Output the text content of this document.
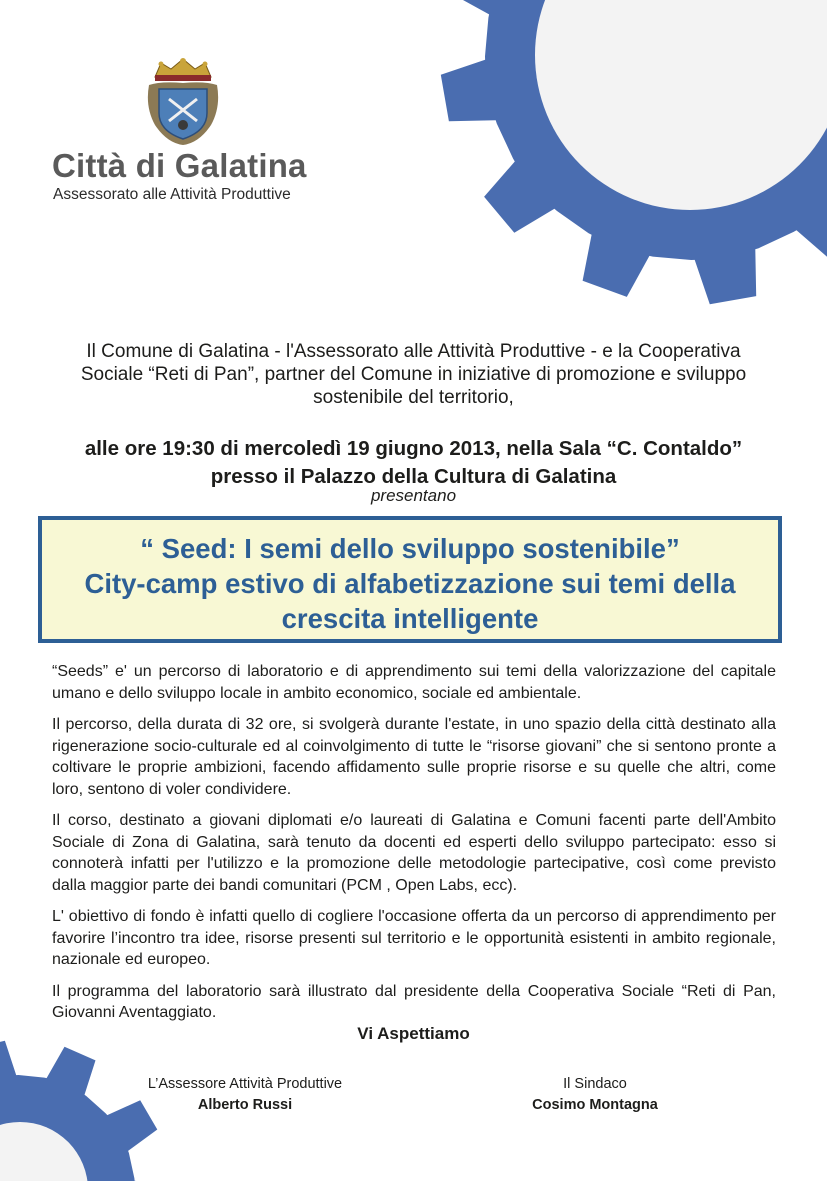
Città di Galatina
Assessorato alle Attività Produttive
Il Comune di Galatina - l'Assessorato alle Attività Produttive - e la Cooperativa
Sociale “Reti di Pan”, partner del Comune in iniziative di promozione e sviluppo
sostenibile del territorio,
alle ore 19:30 di mercoledì 19 giugno 2013, nella Sala “C. Contaldo”
presso il Palazzo della Cultura di Galatina
presentano
“ Seed: I semi dello sviluppo sostenibile”
City-camp estivo di alfabetizzazione sui temi della
crescita intelligente

“Seeds” e' un percorso di laboratorio e di apprendimento sui temi della valorizzazione del capitale umano e dello sviluppo locale in ambito economico, sociale ed ambientale.

Il percorso, della durata di 32 ore, si svolgerà durante l'estate, in uno spazio della città destinato alla rigenerazione socio-culturale ed al coinvolgimento di tutte le “risorse giovani” che si sentono pronte a coltivare le proprie ambizioni, facendo affidamento sulle proprie risorse e su quelle che altri, come loro, sentono di voler condividere.

Il corso, destinato a giovani diplomati e/o laureati di Galatina e Comuni facenti parte dell'Ambito Sociale di Zona di Galatina, sarà tenuto da docenti ed esperti dello sviluppo partecipato: esso si connoterà infatti per l'utilizzo e la promozione delle metodologie partecipative, così come previsto dalla maggior parte dei bandi comunitari (PCM , Open Labs, ecc).

L' obiettivo di fondo è infatti quello di cogliere l'occasione offerta da un percorso di apprendimento per favorire l’incontro tra idee, risorse presenti sul territorio e le opportunità esistenti in ambito regionale, nazionale ed europeo.

Il programma del laboratorio sarà illustrato dal presidente della Cooperativa Sociale “Reti di Pan, Giovanni Aventaggiato.

Vi Aspettiamo
L’Assessore Attività Produttive
Alberto Russi
Il Sindaco
Cosimo Montagna
